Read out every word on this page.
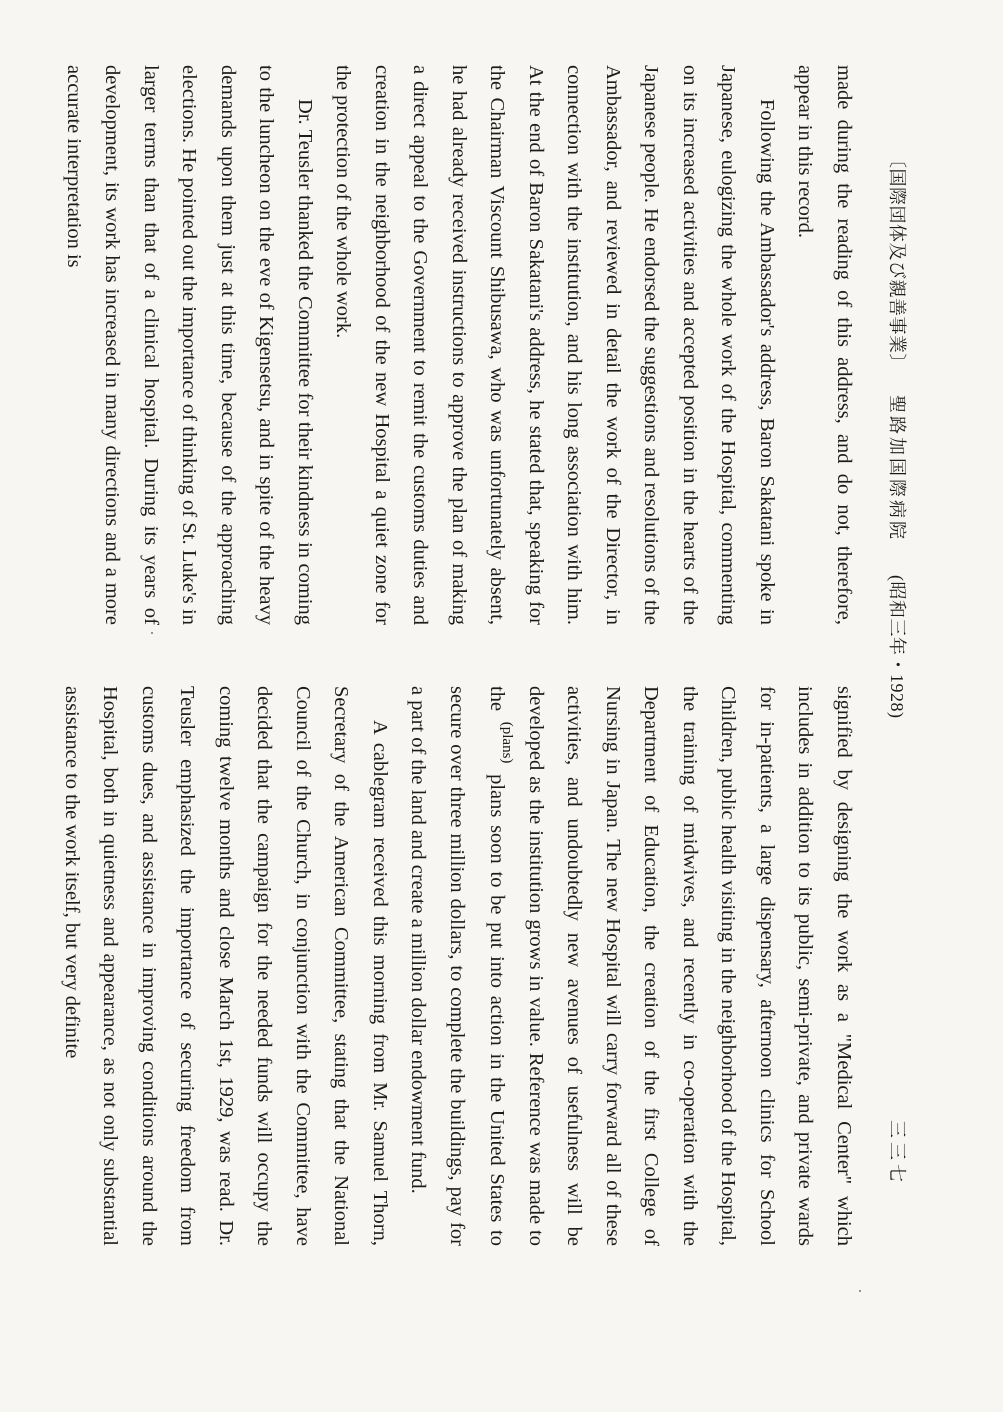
〔国際団体及び親善事業〕
聖路加国際病院
(昭和三年・1928)
三三七

made during the reading of this address, and do not, therefore, appear in this record.

Following the Ambassador's address, Baron Sakatani spoke in Japanese, eulogizing the whole work of the Hospital, commenting on its increased activities and accepted position in the hearts of the Japanese people. He endorsed the suggestions and resolutions of the Ambassador, and reviewed in detail the work of the Director, in connection with the institution, and his long association with him. At the end of Baron Sakatani's address, he stated that, speaking for the Chairman Viscount Shibusawa, who was unfortunately absent, he had already received instructions to approve the plan of making a direct appeal to the Government to remit the customs duties and creation in the neighborhood of the new Hospital a quiet zone for the protection of the whole work.

Dr. Teusler thanked the Committee for their kindness in coming to the luncheon on the eve of Kigensetsu, and in spite of the heavy demands upon them just at this time, because of the approaching elections. He pointed out the importance of thinking of St. Luke's in larger terms than that of a clinical hospital. During its years of development, its work has increased in many directions and a more accurate interpretation is

signified by designing the work as a "Medical Center" which includes in addition to its public, semi-private, and private wards for in-patients, a large dispensary, afternoon clinics for School Children, public health visiting in the neighborhood of the Hospital, the training of midwives, and recently in co-operation with the Department of Education, the creation of the first College of Nursing in Japan. The new Hospital will carry forward all of these activities, and undoubtedly new avenues of usefulness will be developed as the institution grows in value. Reference was made to the $^{(plans)}$ plans soon to be put into action in the United States to secure over three million dollars, to complete the buildings, pay for a part of the land and create a million dollar endowment fund.

A cablegram received this morning from Mr. Samuel Thorn, Secretary of the American Committee, stating that the National Council of the Church, in conjunction with the Committee, have decided that the campaign for the needed funds will occupy the coming twelve months and close March 1st, 1929, was read. Dr. Teusler emphasized the importance of securing freedom from customs dues, and assistance in improving conditions around the Hospital, both in quietness and appearance, as not only substantial assistance to the work itself, but very definite
